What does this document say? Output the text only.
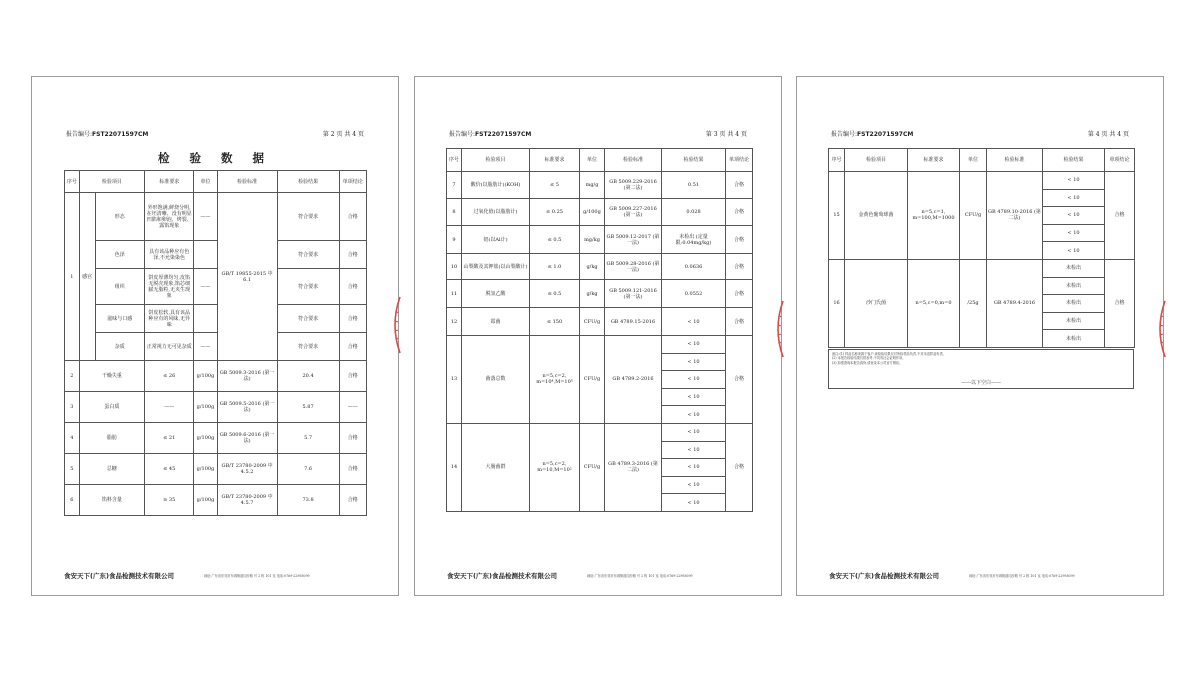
报告编号:FST22071597CM	第 2 页 共 4 页
检 验 数 据
序号	检验项目		标准要求	单位	检验标准	检验结果	单项结论
1	感官	形态	外形饱满,鲜烧分明,在坯清晰、没有明显凹陷和卵泡、烤裂、露馅现象	——	GB/T 19855-2015 中 6.1	符合要求	合格
		色泽	具有该品种应有色泽,不允染染色			符合要求	合格
		组织	饼皮厚薄均匀,皮馅无脱壳现象,馅芯细腻无脂粒,无夹生现象	——		符合要求	合格
		滋味与口感	饼皮松软,具有该品种应有的风味,无异味			符合要求	合格
		杂质	正常视力无可见杂质	——		符合要求	合格
2	干燥失重		≤ 26	g/100g	GB 5009.3-2016 (第一法)	20.4	合格
3	蛋白质		——	g/100g	GB 5009.5-2016 (第一法)	5.87	——
4	脂肪		≤ 21	g/100g	GB 5009.6-2016 (第一法)	5.7	合格
5	总糖		≤ 45	g/100g	GB/T 23780-2009 中 4.5.2	7.6	合格
6	馅料含量		≥ 35	g/100g	GB/T 23780-2009 中 4.5.7	73.8	合格
食安天下(广东)食品检测技术有限公司	地址:广东省东莞市东城街道同沙路 号 2 栋 101 室 电话:0769-22993099
报告编号:FST22071597CM	第 3 页 共 4 页
序号	检验项目	标准要求	单位	检验标准	检验结果	单项结论
7	酸价(以脂肪计)(KOH)	≤ 5	mg/g	GB 5009.229-2016 (第二法)	0.51	合格
8	过氧化值(以脂肪计)	≤ 0.25	g/100g	GB 5009.227-2016 (第一法)	0.028	合格
9	铝(以Al计)	≤ 0.5	mg/kg	GB 5009.12-2017 (第一法)	未检出 (定量限:0.04mg/kg)	合格
10	山梨酸及其钾盐(以山梨酸计)	≤ 1.0	g/kg	GB 5009.28-2016 (第一法)	0.0636	合格
11	脱氢乙酸	≤ 0.5	g/kg	GB 5009.121-2016 (第一法)	0.0552	合格
12	霉菌	≤ 150	CFU/g	GB 4789.15-2016	< 10	合格
13	菌落总数	n=5,c=2, m=10⁴,M=10⁵	CFU/g	GB 4789.2-2016	< 10	合格
					< 10	
					< 10	
					< 10	
					< 10	
14	大肠菌群	n=5,c=2, m=10,M=10²	CFU/g	GB 4789.3-2016 (第二法)	< 10	合格
					< 10	
					< 10	
					< 10	
					< 10	
食安天下(广东)食品检测技术有限公司	地址:广东省东莞市东城街道同沙路 号 2 栋 101 室 电话:0769-22993099
报告编号:FST22071597CM	第 4 页 共 4 页
序号	检验项目	标准要求	单位	检验标准	检验结果	单项结论
15	金黄色葡萄球菌	n=5,c=1, m=100,M=1000	CFU/g	GB 4789.10-2016 (第二法)	< 10	合格
					< 10	
					< 10	
					< 10	
					< 10	
16	沙门氏菌	n=5,c=0,m=0	/25g	GB 4789.4-2016	未检出	合格
					未检出	
					未检出	
					未检出	
					未检出	
备注:(1) 样品名称来源于客户,该检验结果仅对所检样品负责,不对未送样品负责。
(2) 本报告检验结果仅供参考,不具有社会证明作用。
(3) 如需查询本报告真伪,请登录本公司官方网站。
——以下空白——
食安天下(广东)食品检测技术有限公司	地址:广东省东莞市东城街道同沙路 号 2 栋 101 室 电话:0769-22993099
